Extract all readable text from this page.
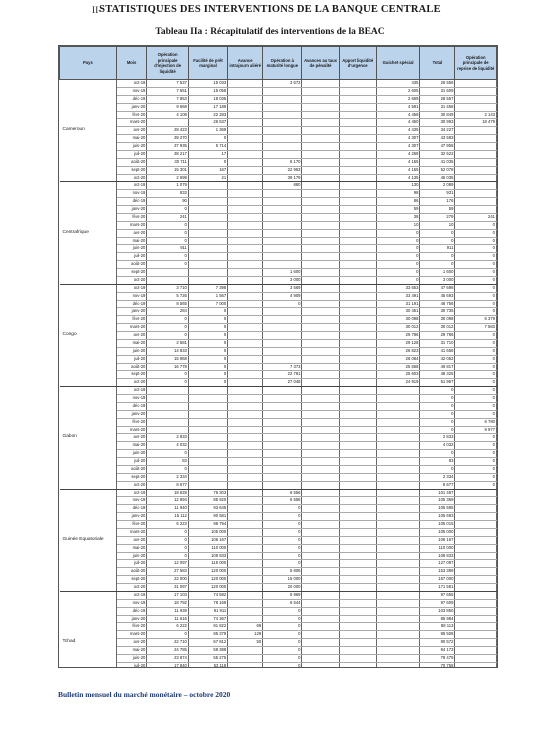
II-
STATISTIQUES DES INTERVENTIONS DE LA BANQUE CENTRALE
Tableau IIa : Récapitulatif des interventions de la BEAC
Pays	Mois	Opération principale d'injection de liquidité	Facilité de prêt marginal	Avance intrajourn aliéré	Opération à maturité longue	Avances au taux de pénalité	Apport liquidité d'urgence	Guichet spécial	Total	Opération principale de reprise de liquidité
Cameroun	oct-19	7 537	15 033		3 572			435	26 556	
	nov-19	7 651	15 058					2 605	31 609	
	déc-19	7 853	18 035					2 669	28 557	
	janv-20	9 668	17 189					4 591	31 458	
	févr-20	4 108	22 283					4 458	30 849	2 143
	mars-20		26 537					4 450	30 993	18 479
	avr-20	28 423	1 369					4 435	34 227	
	mai-20	39 270	0					4 307	43 583	
	juin-20	37 935	5 714					4 307	47 958	
	juil-20	38 217	17					4 268	32 522	
	août-20	30 711	0		6 170			4 155	41 035	
	sept-20	15 301	167		22 953			4 155	52 078	
	oct-20	2 699	21		39 179			4 135	46 035	
Centrafrique	oct-19	1 079			880			130	2 089	
	nov-19	833						98	931	
	déc-19	90						86	176	
	janv-20	0						59	59	
	févr-20	241						38	279	241
	mars-20	0						10	10	0
	avr-20	0						0	0	0
	mai-20	0						0	0	0
	juin-20	911						0	911	0
	juil-20	0						0	0	0
	août-20	0						0	0	0
	sept-20				1 600			0	1 600	0
	oct-20				3 000			0	3 000	0
Congo	oct-19	3 710	7 398		3 569			33 653	47 698	0
	nov-19	5 726	1 567		4 909			33 491	45 693	0
	déc-19	8 565	7 000		0			31 191	46 756	0
	janv-20	284	0					30 451	30 735	0
	févr-20	0	0					30 098	30 098	6 379
	mars-20	0	0					30 012	30 012	7 583
	avr-20	0	0					29 786	29 786	0
	mai-20	2 581	0					29 128	31 710	0
	juin-20	14 833	0					26 823	41 656	0
	juil-20	15 968	0					26 084	42 052	0
	août-20	16 778	0		7 373			25 668	49 817	0
	sept-20	0	0		22 781			25 603	48 325	0
	oct-20	0	0		27 048			24 919	51 967	0
Gabon	oct-19								0	0
	nov-19								0	0
	déc-19								0	0
	janv-20								0	0
	févr-20								0	6 780
	mars-20								0	9 977
	avr-20	2 833							2 833	0
	mai-20	4 032							4 032	0
	juin-20	0							0	0
	juil-20	83							83	0
	août-20	0							0	0
	sept-20	2 334							2 334	0
	oct-20	8 677							8 677	0
Guinée Equatoriale	oct-19	18 628	76 303		6 556				101 487	
	nov-19	12 894	85 920		6 556				105 369	
	déc-19	11 940	93 645		0				105 585	
	janv-20	15 112	90 581		0				105 693	
	févr-20	6 223	98 794		0				105 015	
	mars-20	0	105 000		0				105 000	
	avr-20	0	106 167		0				106 167	
	mai-20	0	110 000		0				110 000	
	juin-20	0	108 833		0				108 833	
	juil-20	12 097	115 000		0				127 097	
	août-20	27 583	120 000		5 806				153 389	
	sept-20	22 000	120 000		15 000				157 000	
	oct-20	31 097	120 000		20 000				171 581	
Tchad	oct-19	17 103	74 582		5 969				97 655	
	nov-19	18 792	78 169		6 544				97 609	
	déc-19	11 939	91 911		0				103 850	
	janv-20	11 616	74 367		0				85 984	
	févr-20	6 222	81 822	69	0				88 113	
	mars-20	0	85 379	129	0				85 508	
	avr-20	22 710	67 812	50	0				90 572	
	mai-20	24 785	59 388		0				84 173	
	juin-20	23 874	55 275		0				79 475	
	juil-20	17 840	53 118		0				70 758	

Bulletin mensuel du marché monétaire – octobre 2020
